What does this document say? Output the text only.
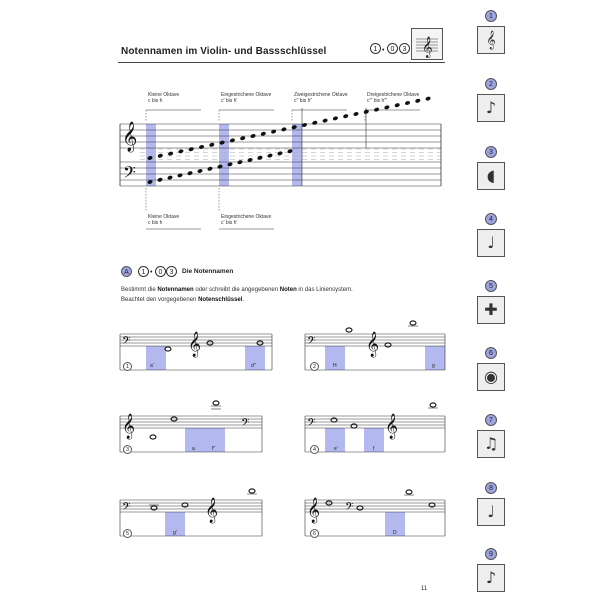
Notennamen im Violin- und Bassschlüssel	1 • 0	3 𝄞
1
𝄞
2
♪
3
◖
4
♩
5
✚
6
◉
7
♫
8
♩
9
♪
𝄞
𝄢
𝄢	𝄞	𝄢 𝄞
𝄞	𝄢	𝄢	𝄞
𝄢	𝄞	𝄞 𝄢
Kleine Oktave
c bis h
Eingestrichene Oktave
c' bis h'
Zweigestrichene Oktave
c'' bis h''
Dreigestrichene Oktave
c''' bis h'''
Kleine Oktave
c bis h
Eingestrichene Oktave
c' bis h'
A	1 • 0	3	Die Notennamen
Bestimmt die Notennamen oder schreibt die angegebenen Noten in das Liniensystem.
Beachtet den vorgegebenen Notenschlüssel.
1	2
3	4
5	6
a'	d''	H	g
a	f''	e'	f
g'	D
11
